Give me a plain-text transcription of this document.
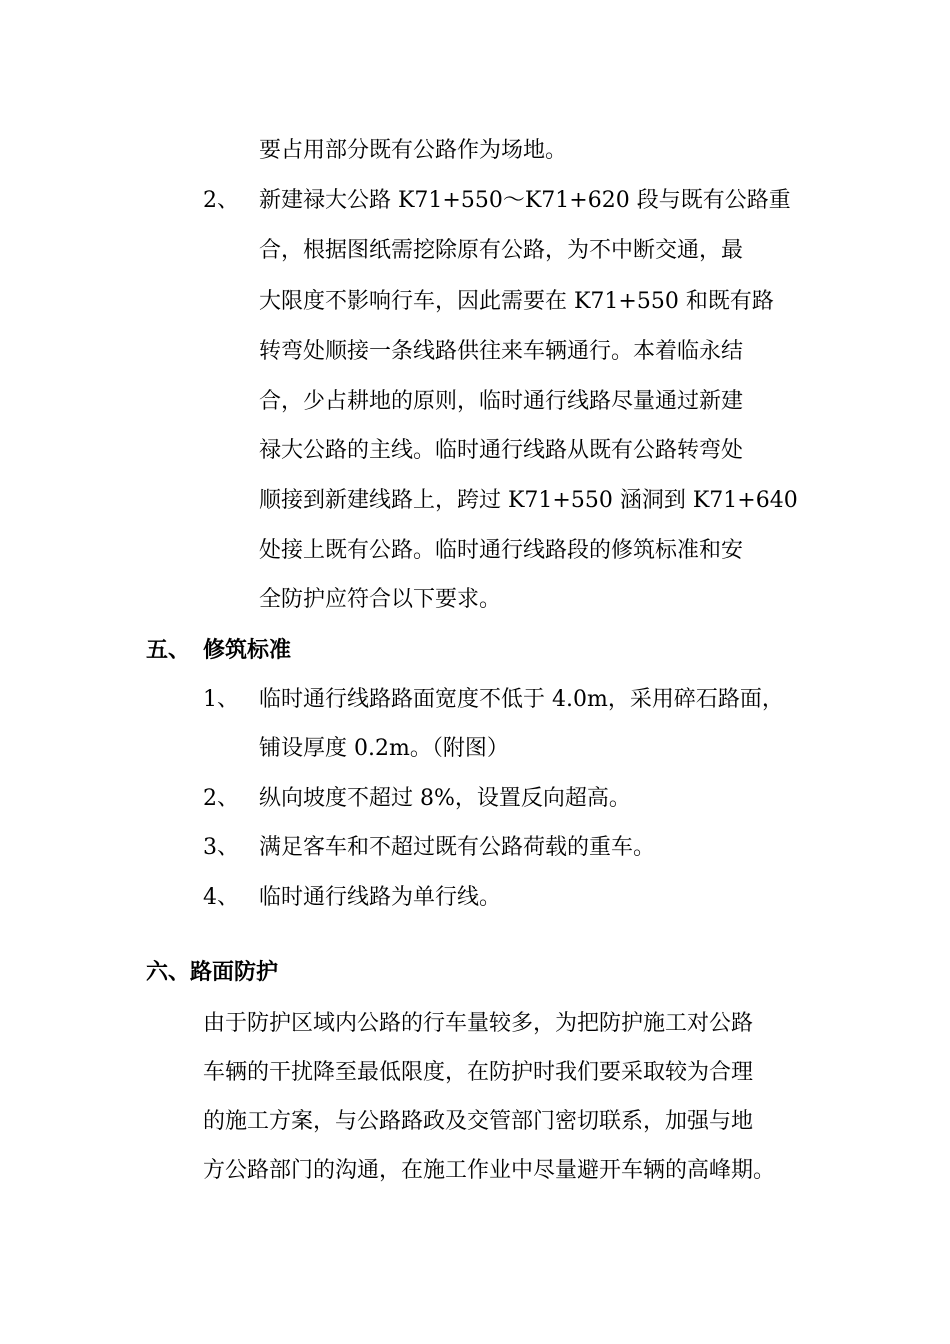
要占用部分既有公路作为场地。
2、 新建禄大公路 K71+550～K71+620 段与既有公路重
合，根据图纸需挖除原有公路，为不中断交通，最
大限度不影响行车，因此需要在 K71+550 和既有路
转弯处顺接一条线路供往来车辆通行。本着临永结
合，少占耕地的原则，临时通行线路尽量通过新建
禄大公路的主线。临时通行线路从既有公路转弯处
顺接到新建线路上，跨过 K71+550 涵洞到 K71+640
处接上既有公路。临时通行线路段的修筑标准和安
全防护应符合以下要求。
五、 修筑标准
1、 临时通行线路路面宽度不低于 4.0m，采用碎石路面，
铺设厚度 0.2m。（附图）
2、 纵向坡度不超过 8%，设置反向超高。
3、 满足客车和不超过既有公路荷载的重车。
4、 临时通行线路为单行线。
六、路面防护
由于防护区域内公路的行车量较多，为把防护施工对公路
车辆的干扰降至最低限度，在防护时我们要采取较为合理
的施工方案，与公路路政及交管部门密切联系，加强与地
方公路部门的沟通，在施工作业中尽量避开车辆的高峰期。
